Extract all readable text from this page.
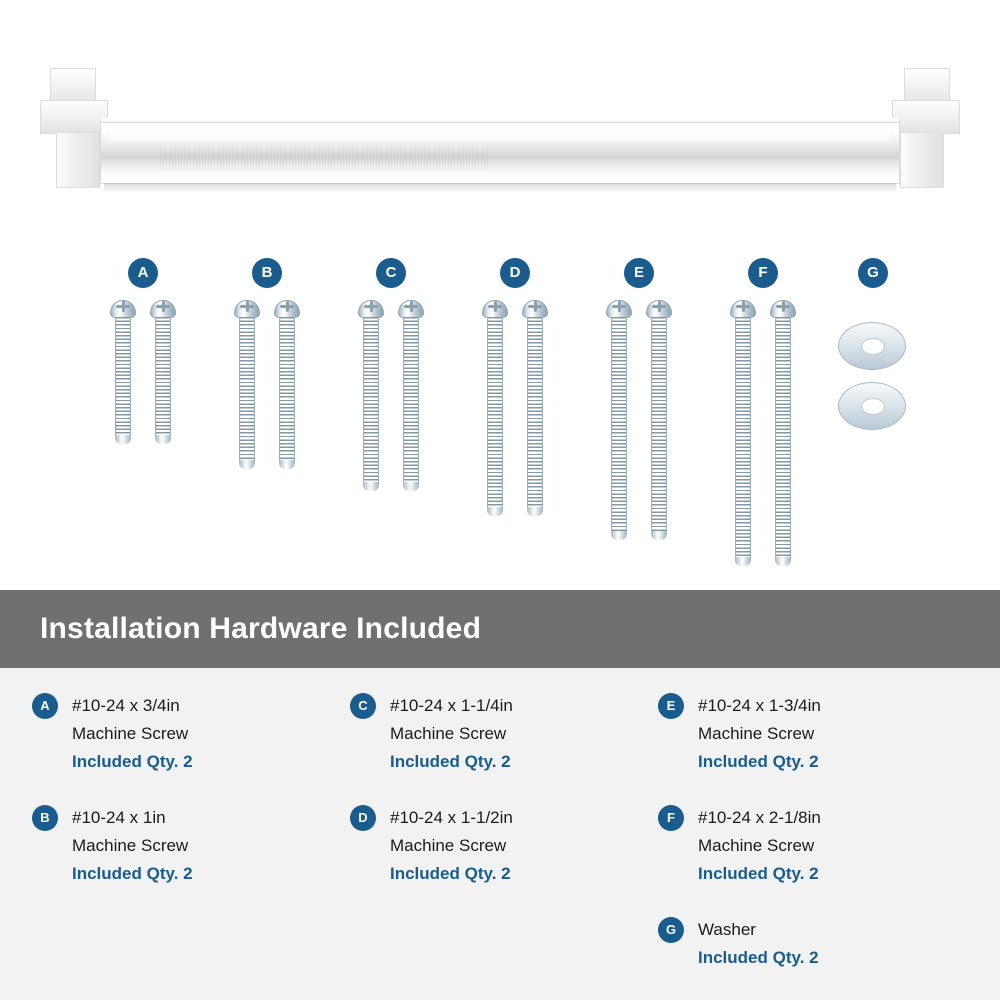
A	B	C	D	E	F	G
Installation Hardware Included
A	#10-24 x 3/4in
Machine Screw
Included Qty. 2
B	#10-24 x 1in
Machine Screw
Included Qty. 2
C	#10-24 x 1-1/4in
Machine Screw
Included Qty. 2
D	#10-24 x 1-1/2in
Machine Screw
Included Qty. 2
E	#10-24 x 1-3/4in
Machine Screw
Included Qty. 2
F	#10-24 x 2-1/8in
Machine Screw
Included Qty. 2
G	Washer
Included Qty. 2
